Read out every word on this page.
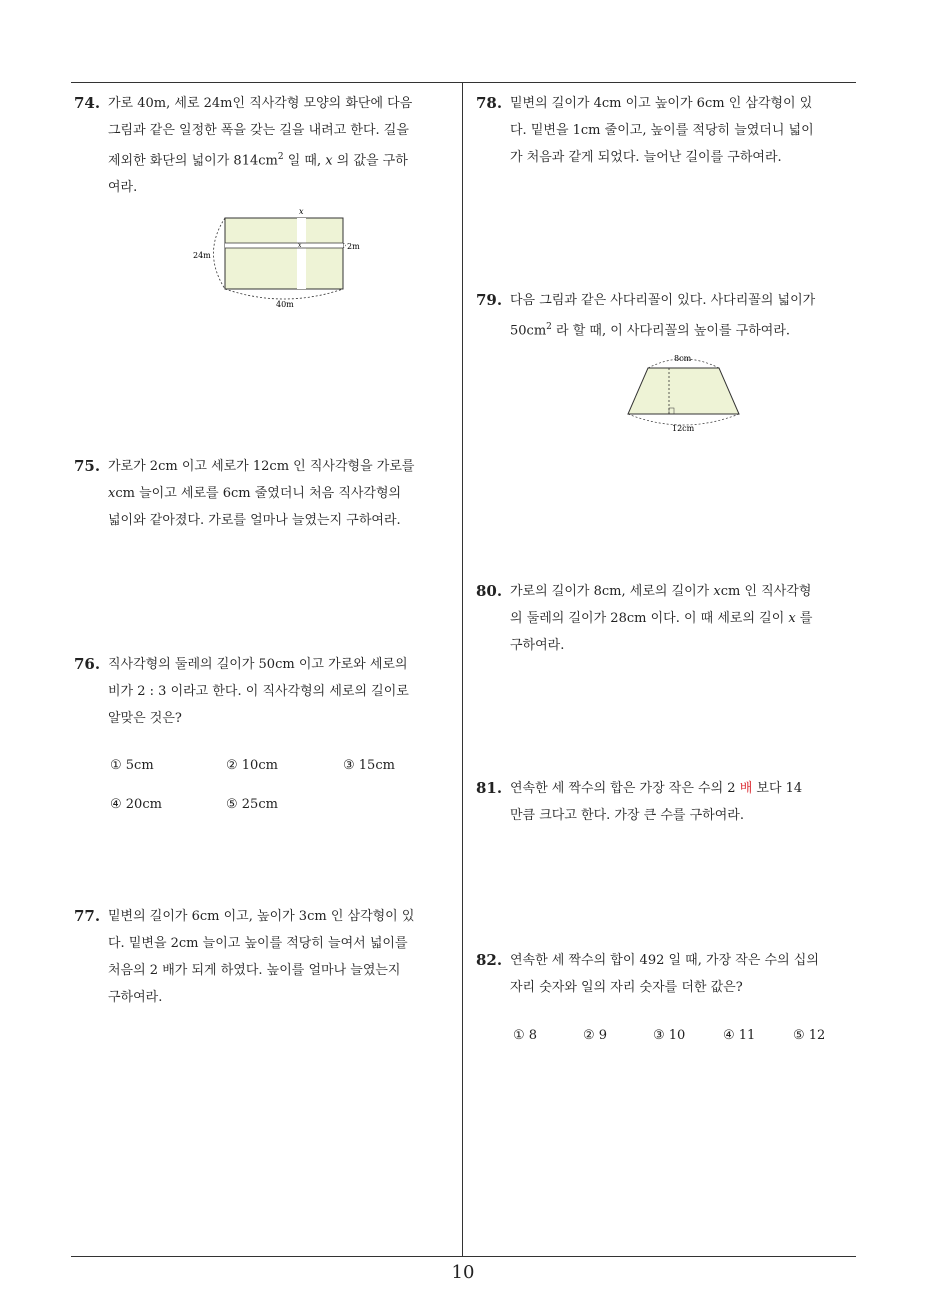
74. 가로 40m, 세로 24m인 직사각형 모양의 화단에 다음
그림과 같은 일정한 폭을 갖는 길을 내려고 한다. 길을
제외한 화단의 넓이가 $814cm^2$ 일 때, x 의 값을 구하
여라.
x
x	2m
24m
40m
75. 가로가 2cm 이고 세로가 12cm 인 직사각형을 가로를
xcm 늘이고 세로를 6cm 줄였더니 처음 직사각형의
넓이와 같아졌다. 가로를 얼마나 늘였는지 구하여라.
76. 직사각형의 둘레의 길이가 50cm 이고 가로와 세로의
비가 2 : 3 이라고 한다. 이 직사각형의 세로의 길이로
알맞은 것은?
① 5cm	② 10cm	③ 15cm
④ 20cm	⑤ 25cm
77. 밑변의 길이가 6cm 이고, 높이가 3cm 인 삼각형이 있
다. 밑변을 2cm 늘이고 높이를 적당히 늘여서 넓이를
처음의 2 배가 되게 하였다. 높이를 얼마나 늘였는지
구하여라.
78. 밑변의 길이가 4cm 이고 높이가 6cm 인 삼각형이 있
다. 밑변을 1cm 줄이고, 높이를 적당히 늘였더니 넓이
가 처음과 같게 되었다. 늘어난 길이를 구하여라.
79. 다음 그림과 같은 사다리꼴이 있다. 사다리꼴의 넓이가
$50cm^2$ 라 할 때, 이 사다리꼴의 높이를 구하여라.
8cm
12cm
80. 가로의 길이가 8cm, 세로의 길이가 xcm 인 직사각형
의 둘레의 길이가 28cm 이다. 이 때 세로의 길이 x 를
구하여라.
81. 연속한 세 짝수의 합은 가장 작은 수의 2 배 보다 14
만큼 크다고 한다. 가장 큰 수를 구하여라.
82. 연속한 세 짝수의 합이 492 일 때, 가장 작은 수의 십의
자리 숫자와 일의 자리 숫자를 더한 값은?
① 8	② 9	③ 10	④ 11	⑤ 12
10
